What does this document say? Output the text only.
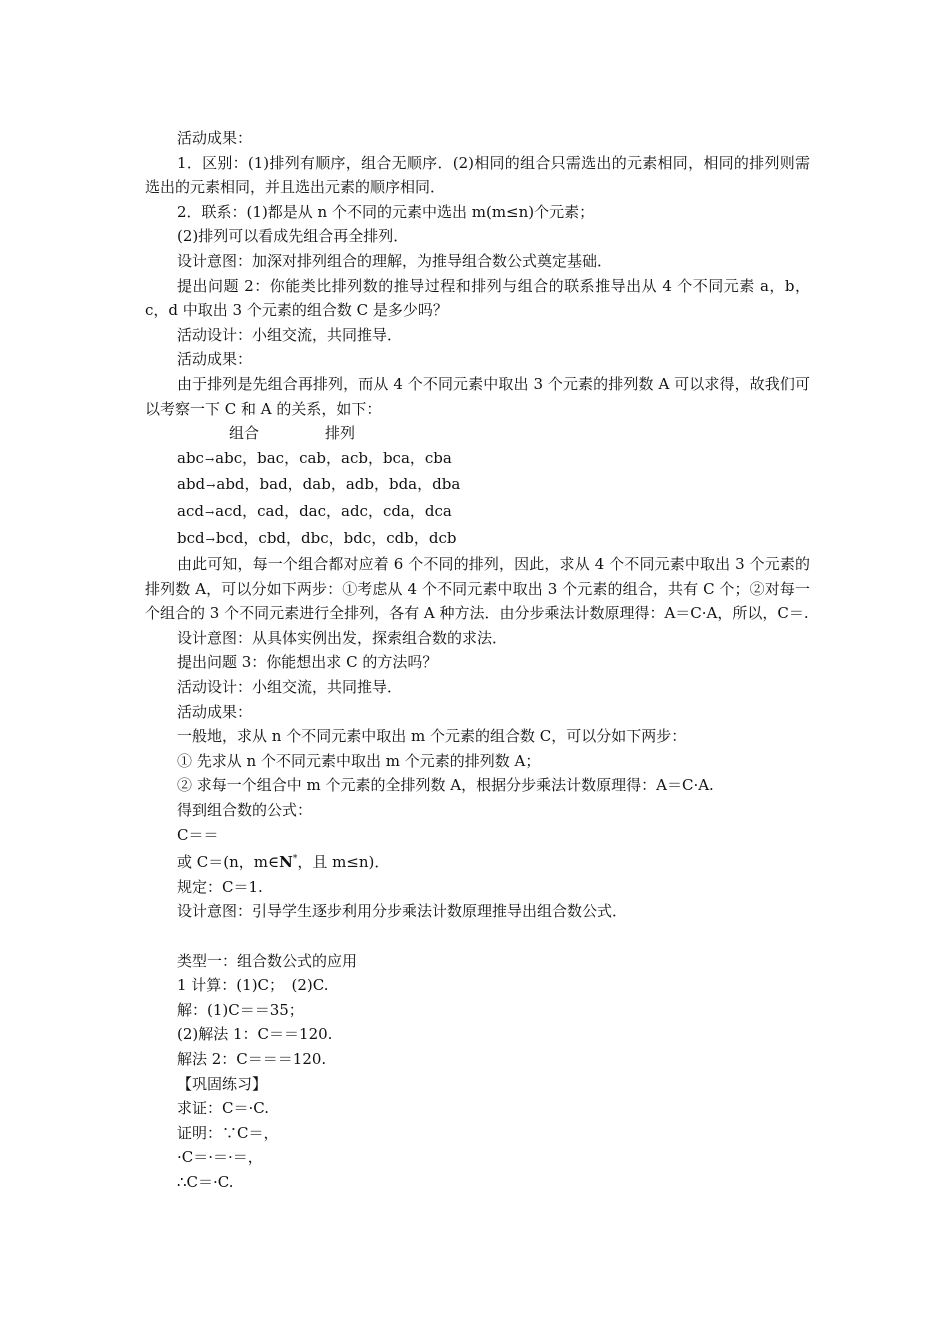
活动成果：

1．区别：(1)排列有顺序，组合无顺序．(2)相同的组合只需选出的元素相同，相同的排列则需选出的元素相同，并且选出元素的顺序相同．

2．联系：(1)都是从 n 个不同的元素中选出 m(m≤n)个元素；

(2)排列可以看成先组合再全排列．

设计意图：加深对排列组合的理解，为推导组合数公式奠定基础．

提出问题 2：你能类比排列数的推导过程和排列与组合的联系推导出从 4 个不同元素 a，b，c，d 中取出 3 个元素的组合数 C 是多少吗？

活动设计：小组交流，共同推导．

活动成果：

由于排列是先组合再排列，而从 4 个不同元素中取出 3 个元素的排列数 A 可以求得，故我们可以考察一下 C 和 A 的关系，如下：

组合	排列

abc→abc，bac，cab，acb，bca，cba

abd→abd，bad，dab，adb，bda，dba

acd→acd，cad，dac，adc，cda，dca

bcd→bcd，cbd，dbc，bdc，cdb，dcb

由此可知，每一个组合都对应着 6 个不同的排列，因此，求从 4 个不同元素中取出 3 个元素的排列数 A，可以分如下两步：①考虑从 4 个不同元素中取出 3 个元素的组合，共有 C 个；②对每一个组合的 3 个不同元素进行全排列，各有 A 种方法．由分步乘法计数原理得：A＝C·A，所以，C＝.

设计意图：从具体实例出发，探索组合数的求法．

提出问题 3：你能想出求 C 的方法吗？

活动设计：小组交流，共同推导．

活动成果：

一般地，求从 n 个不同元素中取出 m 个元素的组合数 C，可以分如下两步：

① 先求从 n 个不同元素中取出 m 个元素的排列数 A；

② 求每一个组合中 m 个元素的全排列数 A，根据分步乘法计数原理得：A＝C·A.

得到组合数的公式：

C＝＝

或 C＝(n，m∈N*，且 m≤n)．

规定：C＝1.

设计意图：引导学生逐步利用分步乘法计数原理推导出组合数公式．

类型一：组合数公式的应用

1 计算：(1)C；　(2)C.

解：(1)C＝＝35；

(2)解法 1：C＝＝120.

解法 2：C＝＝＝120.

【巩固练习】

求证：C＝·C.

证明：∵C＝，

·C＝·＝·＝，

∴C＝·C.
